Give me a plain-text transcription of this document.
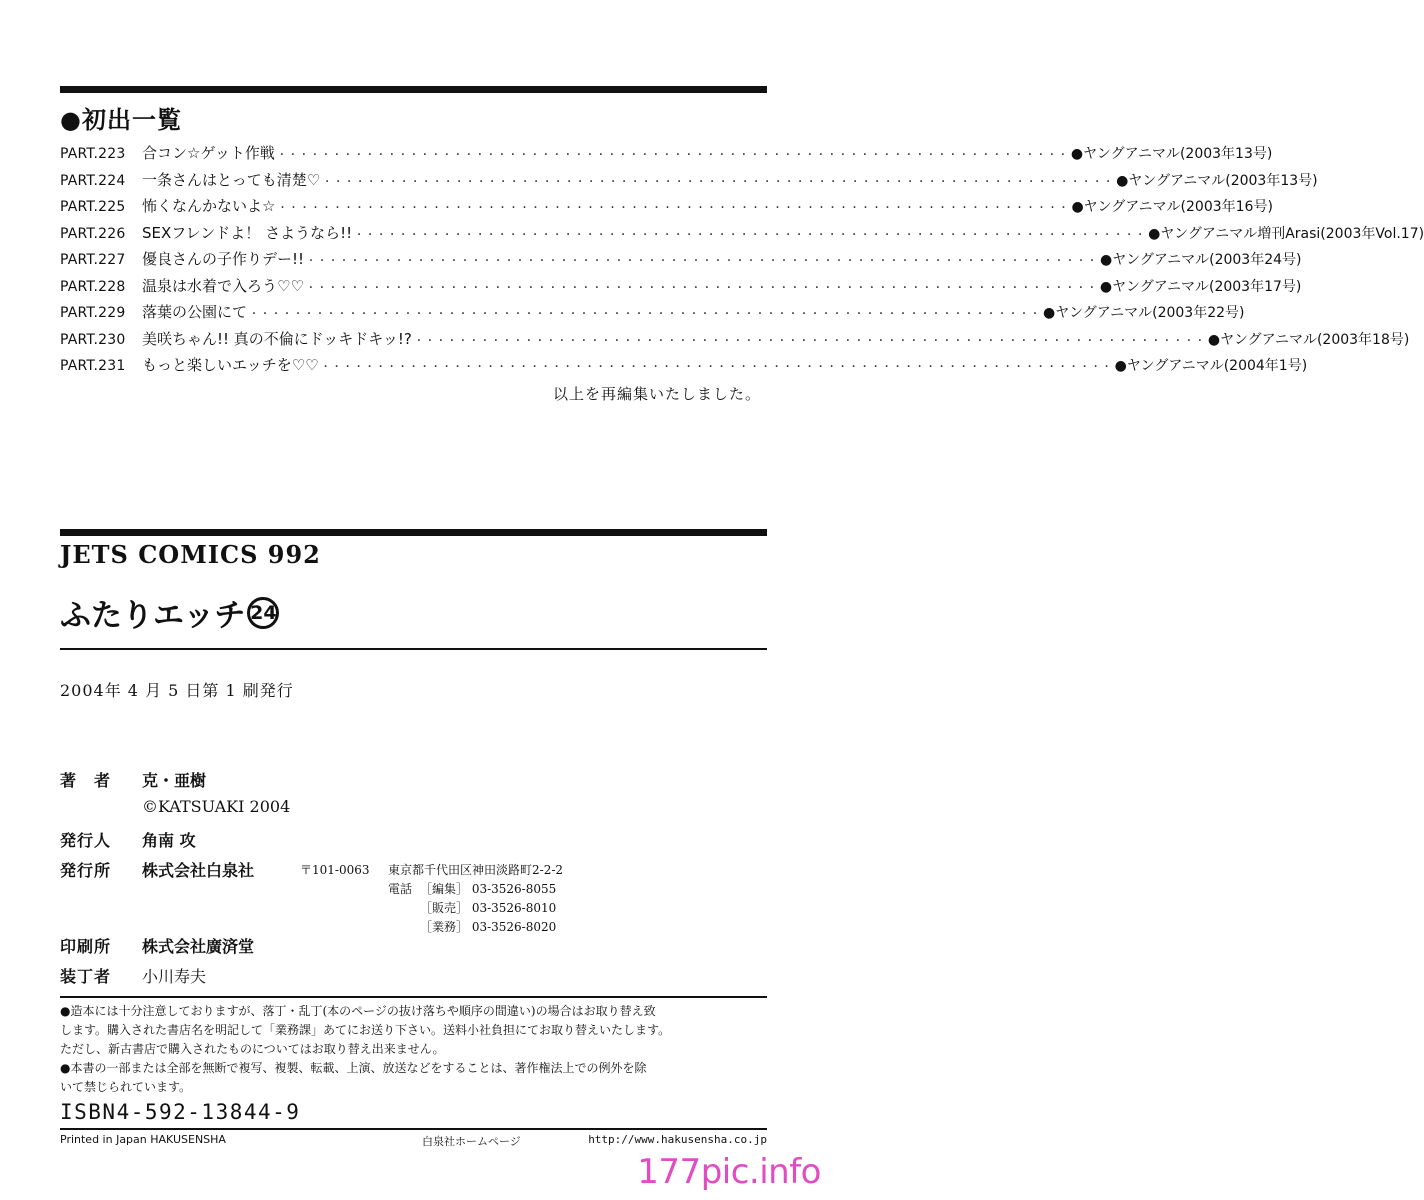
●初出一覧
PART.223	合コン☆ゲット作戦 ・・・・・・・・・・・・・・・・・・・・・・・・・・・・・・・・・・・・・・・・・・・・・・・・・・・・・・・・・・・・・・・・・・・・・・・・ ●ヤングアニマル(2003年13号)
PART.224	一条さんはとっても清楚♡ ・・・・・・・・・・・・・・・・・・・・・・・・・・・・・・・・・・・・・・・・・・・・・・・・・・・・・・・・・・・・・・・・・・・・・・・・ ●ヤングアニマル(2003年13号)
PART.225	怖くなんかないよ☆ ・・・・・・・・・・・・・・・・・・・・・・・・・・・・・・・・・・・・・・・・・・・・・・・・・・・・・・・・・・・・・・・・・・・・・・・・ ●ヤングアニマル(2003年16号)
PART.226	SEXフレンドよ！ さようなら!! ・・・・・・・・・・・・・・・・・・・・・・・・・・・・・・・・・・・・・・・・・・・・・・・・・・・・・・・・・・・・・・・・・・・・・・・・ ●ヤングアニマル増刊Arasi(2003年Vol.17)
PART.227	優良さんの子作りデー!! ・・・・・・・・・・・・・・・・・・・・・・・・・・・・・・・・・・・・・・・・・・・・・・・・・・・・・・・・・・・・・・・・・・・・・・・・ ●ヤングアニマル(2003年24号)
PART.228	温泉は水着で入ろう♡♡ ・・・・・・・・・・・・・・・・・・・・・・・・・・・・・・・・・・・・・・・・・・・・・・・・・・・・・・・・・・・・・・・・・・・・・・・・ ●ヤングアニマル(2003年17号)
PART.229	落葉の公園にて ・・・・・・・・・・・・・・・・・・・・・・・・・・・・・・・・・・・・・・・・・・・・・・・・・・・・・・・・・・・・・・・・・・・・・・・・ ●ヤングアニマル(2003年22号)
PART.230	美咲ちゃん!! 真の不倫にドッキドキッ!? ・・・・・・・・・・・・・・・・・・・・・・・・・・・・・・・・・・・・・・・・・・・・・・・・・・・・・・・・・・・・・・・・・・・・・・・・ ●ヤングアニマル(2003年18号)
PART.231	もっと楽しいエッチを♡♡ ・・・・・・・・・・・・・・・・・・・・・・・・・・・・・・・・・・・・・・・・・・・・・・・・・・・・・・・・・・・・・・・・・・・・・・・・ ●ヤングアニマル(2004年1号)
以上を再編集いたしました。
JETS COMICS 992
ふたりエッチ 24
2004年 4 月 5 日第 1 刷発行
著　者 克・亜樹
©KATSUAKI 2004
発行人 角南 攻
発行所 株式会社白泉社	〒101-0063 東京都千代田区神田淡路町2-2-2
電話 ［編集］ 03-3526-8055
［販売］ 03-3526-8010
［業務］ 03-3526-8020
印刷所 株式会社廣済堂
装丁者 小川寿夫
●造本には十分注意しておりますが、落丁・乱丁(本のページの抜け落ちや順序の間違い)の場合はお取り替え致
します。購入された書店名を明記して「業務課」あてにお送り下さい。送料小社負担にてお取り替えいたします。
ただし、新古書店で購入されたものについてはお取り替え出来ません。
●本書の一部または全部を無断で複写、複製、転載、上演、放送などをすることは、著作権法上での例外を除
いて禁じられています。
ISBN4-592-13844-9
Printed in Japan HAKUSENSHA	白泉社ホームページ	http://www.hakusensha.co.jp
177pic.info
